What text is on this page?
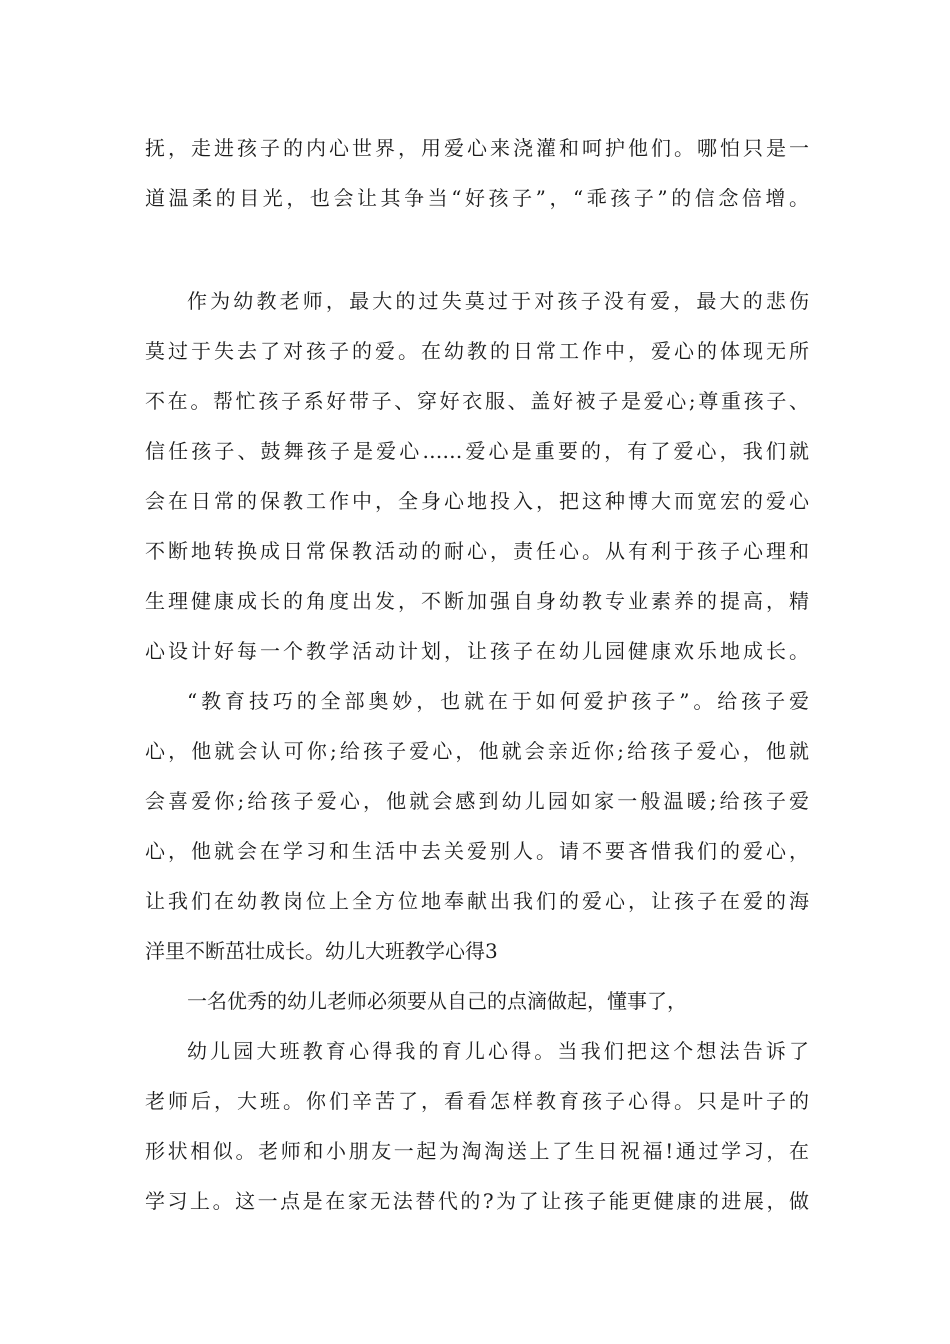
抚，走进孩子的内心世界，用爱心来浇灌和呵护他们。哪怕只是一
道温柔的目光，也会让其争当“好孩子”，“乖孩子”的信念倍增。
作为幼教老师，最大的过失莫过于对孩子没有爱，最大的悲伤
莫过于失去了对孩子的爱。在幼教的日常工作中，爱心的体现无所
不在。帮忙孩子系好带子、穿好衣服、盖好被子是爱心;尊重孩子、
信任孩子、鼓舞孩子是爱心……爱心是重要的，有了爱心，我们就
会在日常的保教工作中，全身心地投入，把这种博大而宽宏的爱心
不断地转换成日常保教活动的耐心，责任心。从有利于孩子心理和
生理健康成长的角度出发，不断加强自身幼教专业素养的提高，精
心设计好每一个教学活动计划，让孩子在幼儿园健康欢乐地成长。
“教育技巧的全部奥妙，也就在于如何爱护孩子”。给孩子爱
心，他就会认可你;给孩子爱心，他就会亲近你;给孩子爱心，他就
会喜爱你;给孩子爱心，他就会感到幼儿园如家一般温暖;给孩子爱
心，他就会在学习和生活中去关爱别人。请不要吝惜我们的爱心，
让我们在幼教岗位上全方位地奉献出我们的爱心，让孩子在爱的海
洋里不断茁壮成长。幼儿大班教学心得3
一名优秀的幼儿老师必须要从自己的点滴做起，懂事了，
幼儿园大班教育心得我的育儿心得。当我们把这个想法告诉了
老师后，大班。你们辛苦了，看看怎样教育孩子心得。只是叶子的
形状相似。老师和小朋友一起为淘淘送上了生日祝福!通过学习，在
学习上。这一点是在家无法替代的?为了让孩子能更健康的进展，做
